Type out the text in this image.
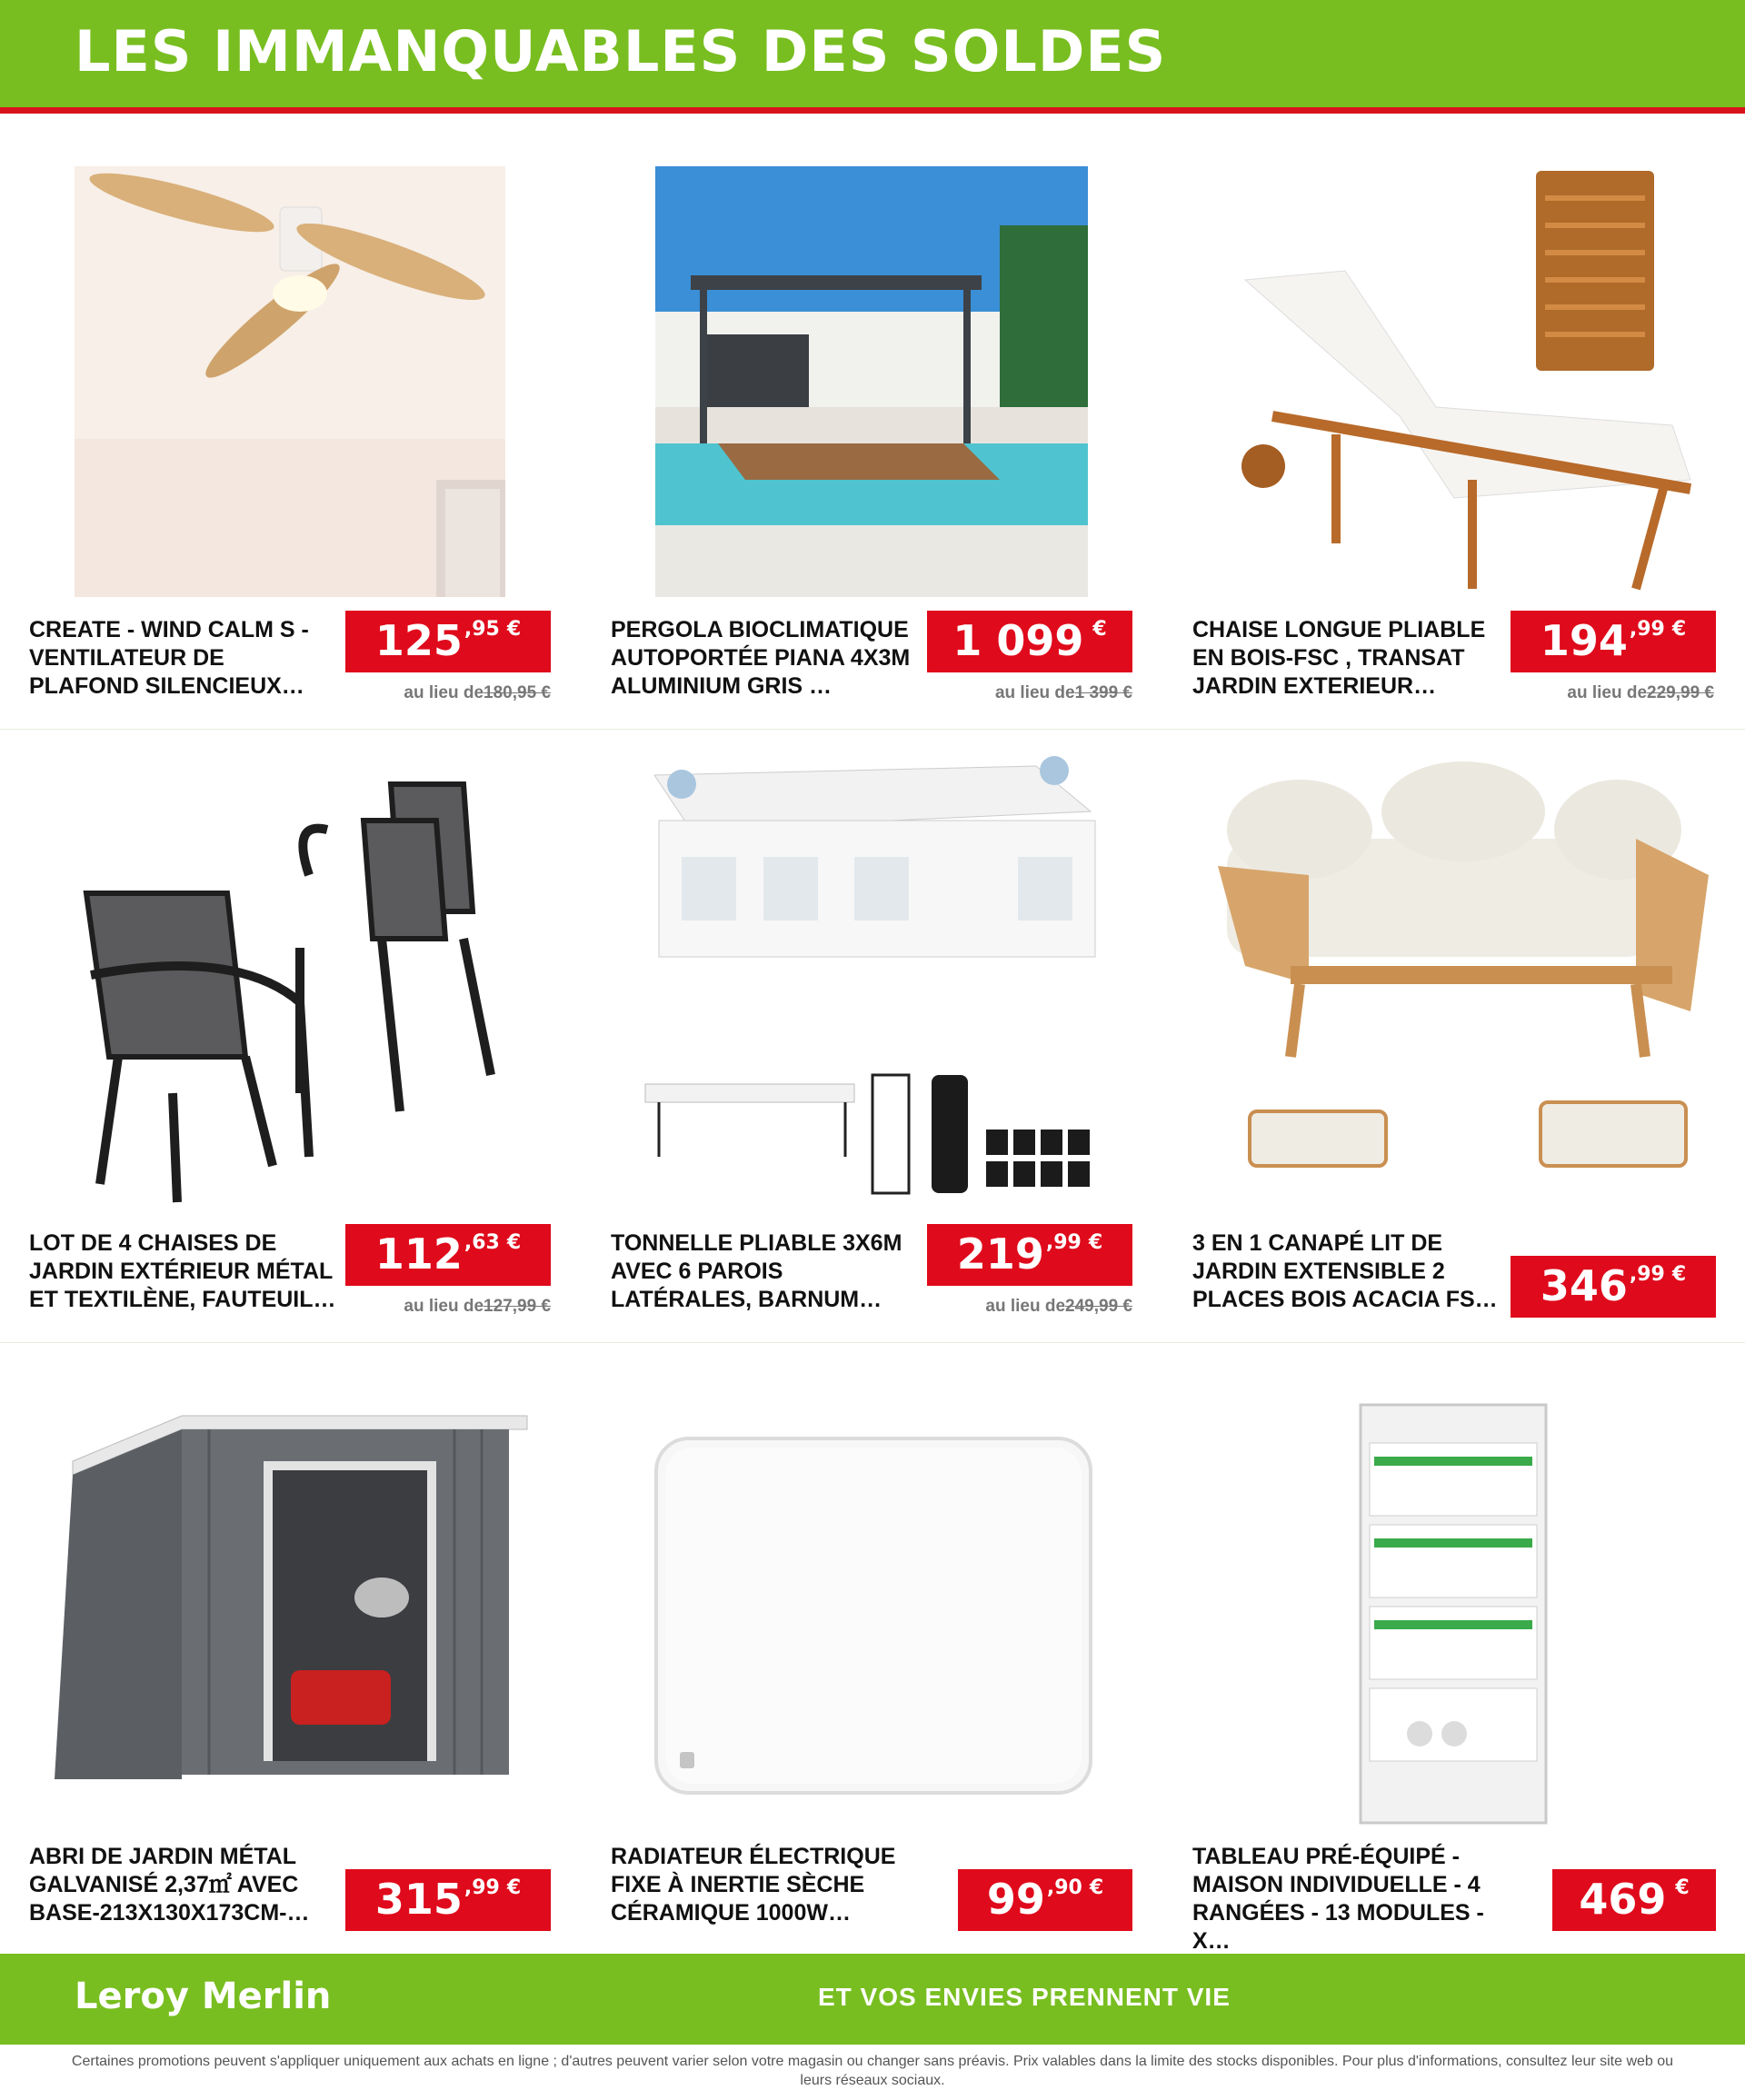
LES IMMANQUABLES DES SOLDES
CREATE - WIND CALM S - VENTILATEUR DE PLAFOND SILENCIEUX…
125 ,95 €
au lieu de180,95 €
PERGOLA BIOCLIMATIQUE AUTOPORTÉE PIANA 4X3M ALUMINIUM GRIS …
1 099 €
au lieu de1 399 €
CHAISE LONGUE PLIABLE EN BOIS-FSC , TRANSAT JARDIN EXTERIEUR…
194 ,99 €
au lieu de229,99 €
LOT DE 4 CHAISES DE JARDIN EXTÉRIEUR MÉTAL ET TEXTILÈNE, FAUTEUIL…
112 ,63 €
au lieu de127,99 €
TONNELLE PLIABLE 3X6M AVEC 6 PAROIS LATÉRALES, BARNUM…
219 ,99 €
au lieu de249,99 €
3 EN 1 CANAPÉ LIT DE JARDIN EXTENSIBLE 2 PLACES BOIS ACACIA FS… 346 ,99 €
ABRI DE JARDIN MÉTAL GALVANISÉ 2,37㎡ AVEC BASE-213X130X173CM-…	315 ,99 €
RADIATEUR ÉLECTRIQUE FIXE À INERTIE SÈCHE CÉRAMIQUE 1000W…	99 ,90 €
TABLEAU PRÉ-ÉQUIPÉ - MAISON INDIVIDUELLE - 4 RANGÉES - 13 MODULES - X…
469 €
Leroy Merlin	ET VOS ENVIES PRENNENT VIE
Certaines promotions peuvent s'appliquer uniquement aux achats en ligne ; d'autres peuvent varier selon votre magasin ou changer sans préavis. Prix valables dans la limite des stocks disponibles. Pour plus d'informations, consultez leur site web ou leurs réseaux sociaux.
